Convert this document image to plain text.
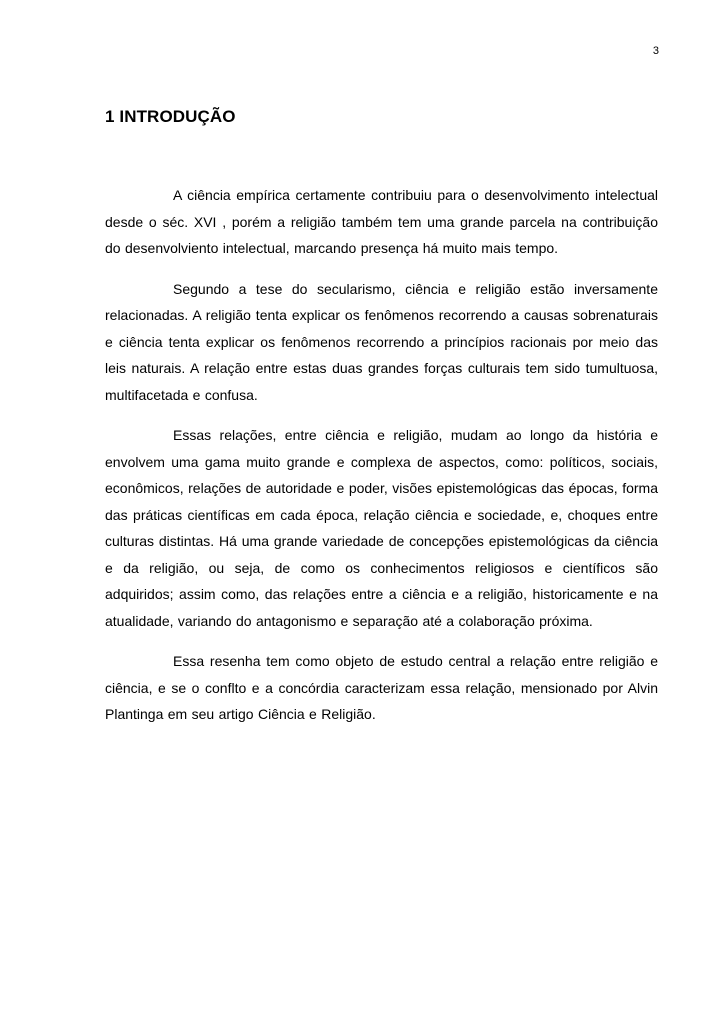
3
1 INTRODUÇÃO

A ciência empírica certamente contribuiu para o desenvolvimento intelectual desde o séc. XVI , porém a religião também tem uma grande parcela na contribuição do desenvolviento intelectual, marcando presença há muito mais tempo.

Segundo a tese do secularismo, ciência e religião estão inversamente relacionadas. A religião tenta explicar os fenômenos recorrendo a causas sobrenaturais e ciência tenta explicar os fenômenos recorrendo a princípios racionais por meio das leis naturais. A relação entre estas duas grandes forças culturais tem sido tumultuosa, multifacetada e confusa.

Essas relações, entre ciência e religião, mudam ao longo da história e envolvem uma gama muito grande e complexa de aspectos, como: políticos, sociais, econômicos, relações de autoridade e poder, visões epistemológicas das épocas, forma das práticas científicas em cada época, relação ciência e sociedade, e, choques entre culturas distintas. Há uma grande variedade de concepções epistemológicas da ciência e da religião, ou seja, de como os conhecimentos religiosos e científicos são adquiridos; assim como, das relações entre a ciência e a religião, historicamente e na atualidade, variando do antagonismo e separação até a colaboração próxima.

Essa resenha tem como objeto de estudo central a relação entre religião e ciência, e se o conflto e a concórdia caracterizam essa relação, mensionado por Alvin Plantinga em seu artigo Ciência e Religião.
